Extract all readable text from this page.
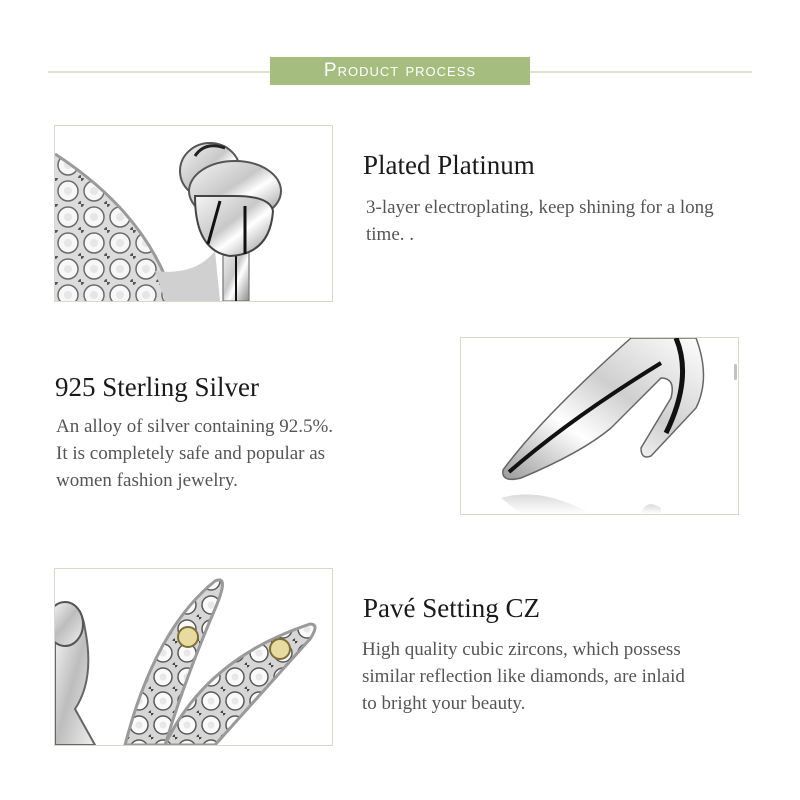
Product process
Plated Platinum
3-layer electroplating, keep shining for a long time. .
925 Sterling Silver
An alloy of silver containing 92.5%.
It is completely safe and popular as
women fashion jewelry.
Pavé Setting CZ
High quality cubic zircons, which possess
similar reflection like diamonds, are inlaid
to bright your beauty.
